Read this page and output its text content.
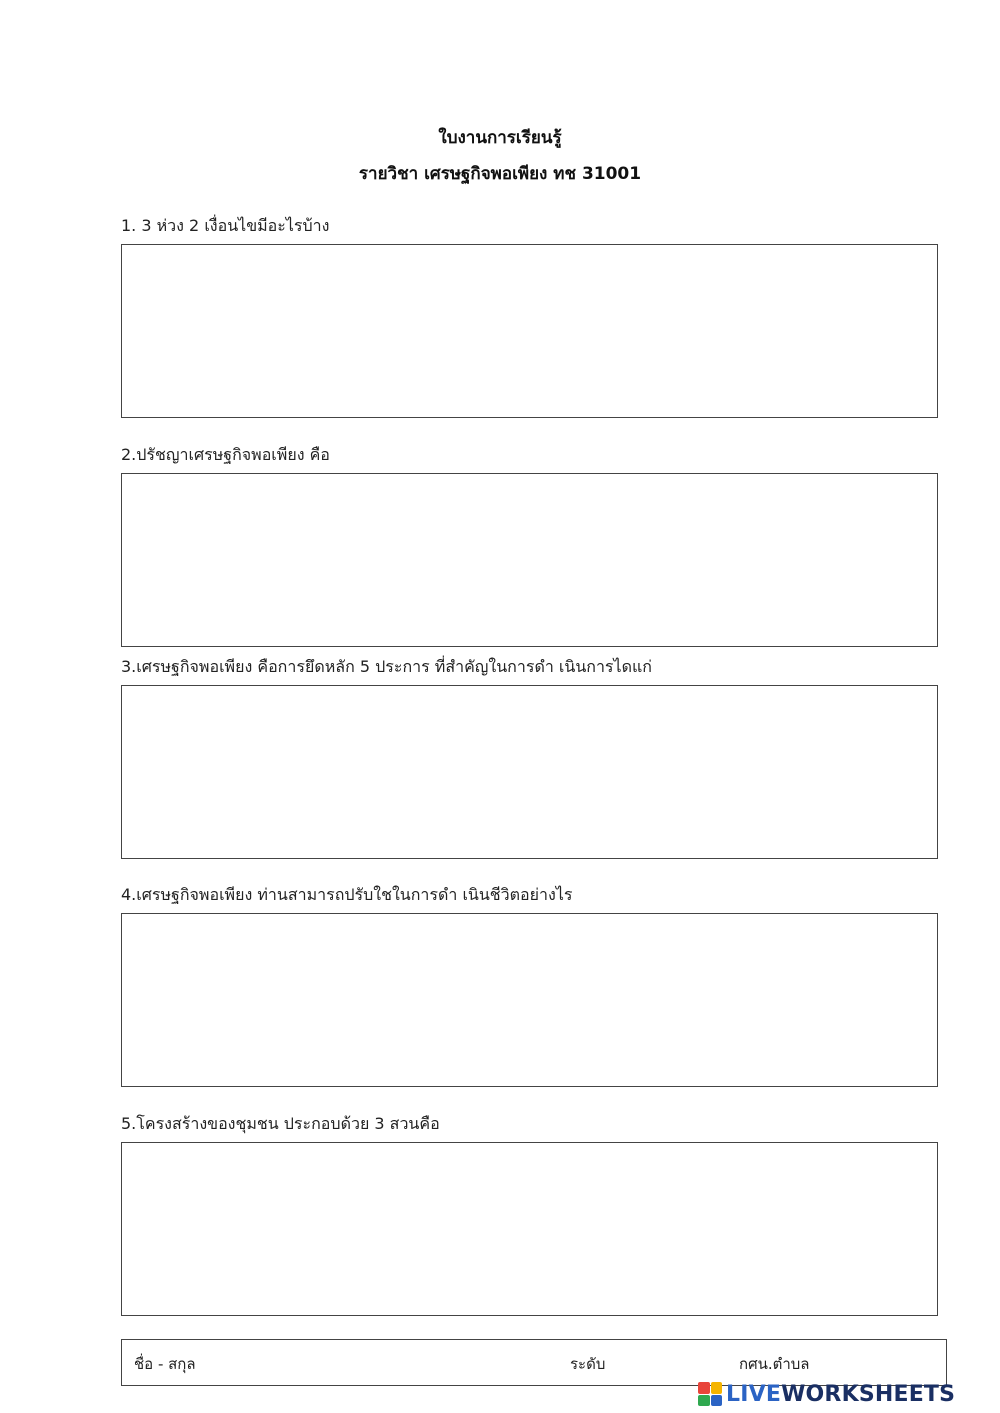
ใบงานการเรียนรู้
รายวิชา เศรษฐกิจพอเพียง ทช 31001
1. 3 ห่วง 2 เงื่อนไขมีอะไรบ้าง
2.ปรัชญาเศรษฐกิจพอเพียง คือ
3.เศรษฐกิจพอเพียง คือการยึดหลัก 5 ประการ ที่สำคัญในการดำ เนินการไดแก่
4.เศรษฐกิจพอเพียง ท่านสามารถปรับใชในการดำ เนินชีวิตอย่างไร
5.โครงสร้างของชุมชน ประกอบด้วย 3 สวนคือ
ชื่อ - สกุล	ระดับ	กศน.ตำบล
LIVEWORKSHEETS
